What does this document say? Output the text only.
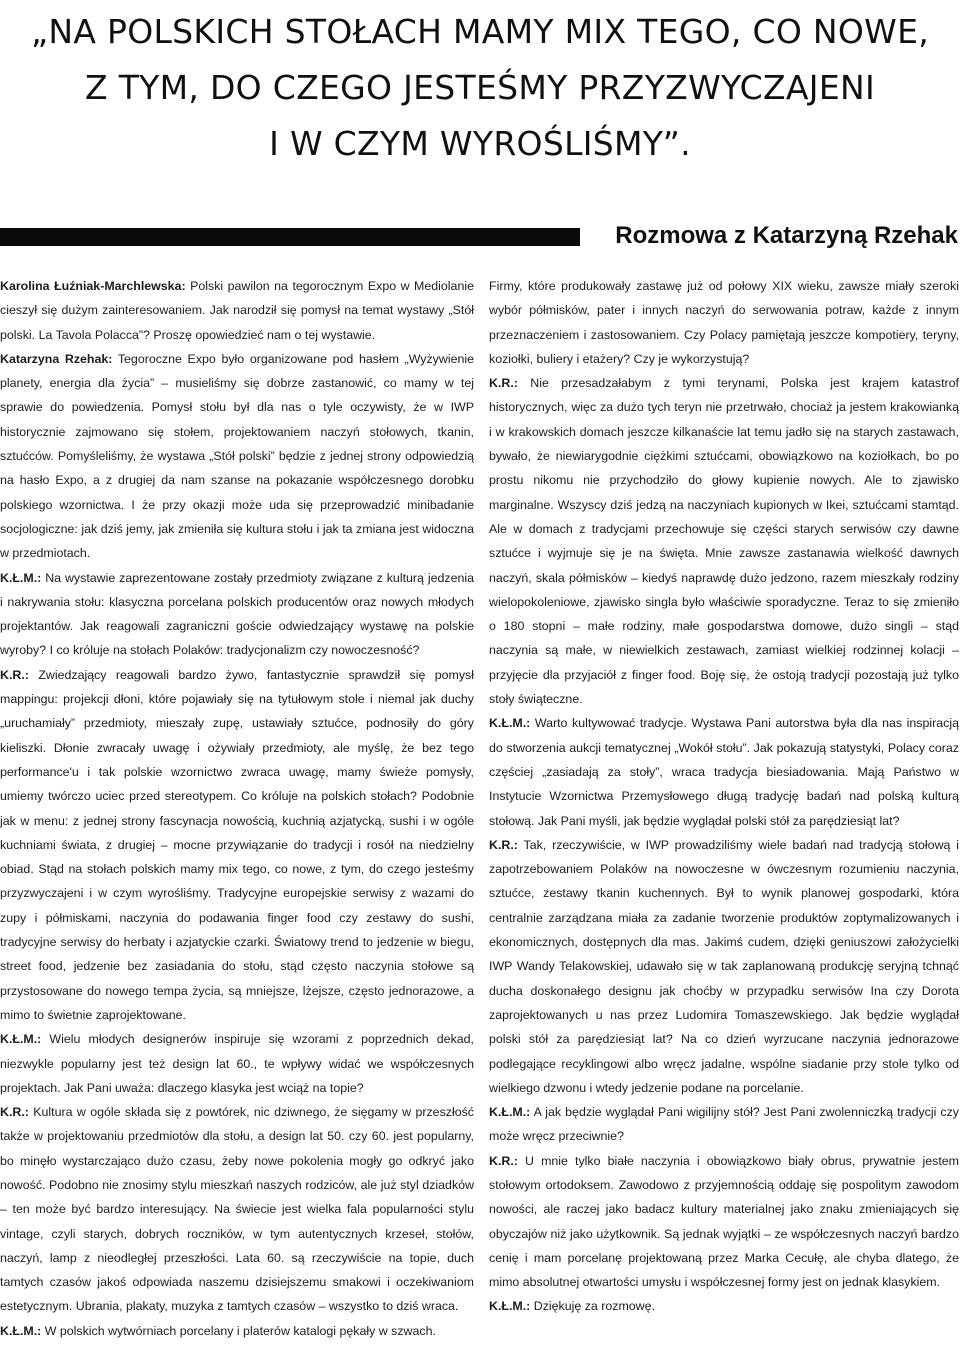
„NA POLSKICH STOŁACH MAMY MIX TEGO, CO NOWE,
Z TYM, DO CZEGO JESTEŚMY PRZYZWYCZAJENI
I W CZYM WYROŚLIŚMY”.
Rozmowa z Katarzyną Rzehak

Karolina Łuźniak-Marchlewska: Polski pawilon na tegorocznym Expo w Mediolanie cieszył się dużym zainteresowaniem. Jak narodził się pomysł na temat wystawy „Stół polski. La Tavola Polacca”? Proszę opowiedzieć nam o tej wystawie.

Katarzyna Rzehak: Tegoroczne Expo było organizowane pod hasłem „Wyżywienie planety, energia dla życia” – musieliśmy się dobrze zastanowić, co mamy w tej sprawie do powiedzenia. Pomysł stołu był dla nas o tyle oczywisty, że w IWP historycznie zajmowano się stołem, projektowaniem naczyń stołowych, tkanin, sztućców. Pomyśleliśmy, że wystawa „Stół polski” będzie z jednej strony odpowiedzią na hasło Expo, a z drugiej da nam szanse na pokazanie współczesnego dorobku polskiego wzornictwa. I że przy okazji może uda się przeprowadzić minibadanie socjologiczne: jak dziś jemy, jak zmieniła się kultura stołu i jak ta zmiana jest widoczna w przedmiotach.

K.Ł.M.: Na wystawie zaprezentowane zostały przedmioty związane z kulturą jedzenia i nakrywania stołu: klasyczna porcelana polskich producentów oraz nowych młodych projektantów. Jak reagowali zagraniczni goście odwiedzający wystawę na polskie wyroby? I co króluje na stołach Polaków: tradycjonalizm czy nowoczesność?

K.R.: Zwiedzający reagowali bardzo żywo, fantastycznie sprawdził się pomysł mappingu: projekcji dłoni, które pojawiały się na tytułowym stole i niemal jak duchy „uruchamiały” przedmioty, mieszały zupę, ustawiały sztućce, podnosiły do góry kieliszki. Dłonie zwracały uwagę i ożywiały przedmioty, ale myślę, że bez tego performance'u i tak polskie wzornictwo zwraca uwagę, mamy świeże pomysły, umiemy twórczo uciec przed stereotypem. Co króluje na polskich stołach? Podobnie jak w menu: z jednej strony fascynacja nowością, kuchnią azjatycką, sushi i w ogóle kuchniami świata, z drugiej – mocne przywiązanie do tradycji i rosół na niedzielny obiad. Stąd na stołach polskich mamy mix tego, co nowe, z tym, do czego jesteśmy przyzwyczajeni i w czym wyrośliśmy. Tradycyjne europejskie serwisy z wazami do zupy i półmiskami, naczynia do podawania finger food czy zestawy do sushi, tradycyjne serwisy do herbaty i azjatyckie czarki. Światowy trend to jedzenie w biegu, street food, jedzenie bez zasiadania do stołu, stąd często naczynia stołowe są przystosowane do nowego tempa życia, są mniejsze, lżejsze, często jednorazowe, a mimo to świetnie zaprojektowane.

K.Ł.M.: Wielu młodych designerów inspiruje się wzorami z poprzednich dekad, niezwykle popularny jest też design lat 60., te wpływy widać we współczesnych projektach. Jak Pani uważa: dlaczego klasyka jest wciąż na topie?

K.R.: Kultura w ogóle składa się z powtórek, nic dziwnego, że sięgamy w przeszłość także w projektowaniu przedmiotów dla stołu, a design lat 50. czy 60. jest popularny, bo minęło wystarczająco dużo czasu, żeby nowe pokolenia mogły go odkryć jako nowość. Podobno nie znosimy stylu mieszkań naszych rodziców, ale już styl dziadków – ten może być bardzo interesujący. Na świecie jest wielka fala popularności stylu vintage, czyli starych, dobrych roczników, w tym autentycznych krzeseł, stołów, naczyń, lamp z nieodległej przeszłości. Lata 60. są rzeczywiście na topie, duch tamtych czasów jakoś odpowiada naszemu dzisiejszemu smakowi i oczekiwaniom estetycznym. Ubrania, plakaty, muzyka z tamtych czasów – wszystko to dziś wraca.

K.Ł.M.: W polskich wytwórniach porcelany i platerów katalogi pękały w szwach.

Firmy, które produkowały zastawę już od połowy XIX wieku, zawsze miały szeroki wybór półmisków, pater i innych naczyń do serwowania potraw, każde z innym przeznaczeniem i zastosowaniem. Czy Polacy pamiętają jeszcze kompotiery, teryny, koziołki, buliery i etażery? Czy je wykorzystują?

K.R.: Nie przesadzałabym z tymi terynami, Polska jest krajem katastrof historycznych, więc za dużo tych teryn nie przetrwało, chociaż ja jestem krakowianką i w krakowskich domach jeszcze kilkanaście lat temu jadło się na starych zastawach, bywało, że niewiarygodnie ciężkimi sztućcami, obowiązkowo na koziołkach, bo po prostu nikomu nie przychodziło do głowy kupienie nowych. Ale to zjawisko marginalne. Wszyscy dziś jedzą na naczyniach kupionych w Ikei, sztućcami stamtąd. Ale w domach z tradycjami przechowuje się części starych serwisów czy dawne sztućce i wyjmuje się je na święta. Mnie zawsze zastanawia wielkość dawnych naczyń, skala półmisków – kiedyś naprawdę dużo jedzono, razem mieszkały rodziny wielopokoleniowe, zjawisko singla było właściwie sporadyczne. Teraz to się zmieniło o 180 stopni – małe rodziny, małe gospodarstwa domowe, dużo singli – stąd naczynia są małe, w niewielkich zestawach, zamiast wielkiej rodzinnej kolacji – przyjęcie dla przyjaciół z finger food. Boję się, że ostoją tradycji pozostają już tylko stoły świąteczne.

K.Ł.M.: Warto kultywować tradycje. Wystawa Pani autorstwa była dla nas inspiracją do stworzenia aukcji tematycznej „Wokół stołu”. Jak pokazują statystyki, Polacy coraz częściej „zasiadają za stoły”, wraca tradycja biesiadowania. Mają Państwo w Instytucie Wzornictwa Przemysłowego długą tradycję badań nad polską kulturą stołową. Jak Pani myśli, jak będzie wyglądał polski stół za parędziesiąt lat?

K.R.: Tak, rzeczywiście, w IWP prowadziliśmy wiele badań nad tradycją stołową i zapotrzebowaniem Polaków na nowoczesne w ówczesnym rozumieniu naczynia, sztućce, zestawy tkanin kuchennych. Był to wynik planowej gospodarki, która centralnie zarządzana miała za zadanie tworzenie produktów zoptymalizowanych i ekonomicznych, dostępnych dla mas. Jakimś cudem, dzięki geniuszowi założycielki IWP Wandy Telakowskiej, udawało się w tak zaplanowaną produkcję seryjną tchnąć ducha doskonałego designu jak choćby w przypadku serwisów Ina czy Dorota zaprojektowanych u nas przez Ludomira Tomaszewskiego. Jak będzie wyglądał polski stół za parędziesiąt lat? Na co dzień wyrzucane naczynia jednorazowe podlegające recyklingowi albo wręcz jadalne, wspólne siadanie przy stole tylko od wielkiego dzwonu i wtedy jedzenie podane na porcelanie.

K.Ł.M.: A jak będzie wyglądał Pani wigilijny stół? Jest Pani zwolenniczką tradycji czy może wręcz przeciwnie?

K.R.: U mnie tylko białe naczynia i obowiązkowo biały obrus, prywatnie jestem stołowym ortodoksem. Zawodowo z przyjemnością oddaję się pospolitym zawodom nowości, ale raczej jako badacz kultury materialnej jako znaku zmieniających się obyczajów niż jako użytkownik. Są jednak wyjątki – ze współczesnych naczyń bardzo cenię i mam porcelanę projektowaną przez Marka Cecułę, ale chyba dlatego, że mimo absolutnej otwartości umysłu i współczesnej formy jest on jednak klasykiem.

K.Ł.M.: Dziękuję za rozmowę.
